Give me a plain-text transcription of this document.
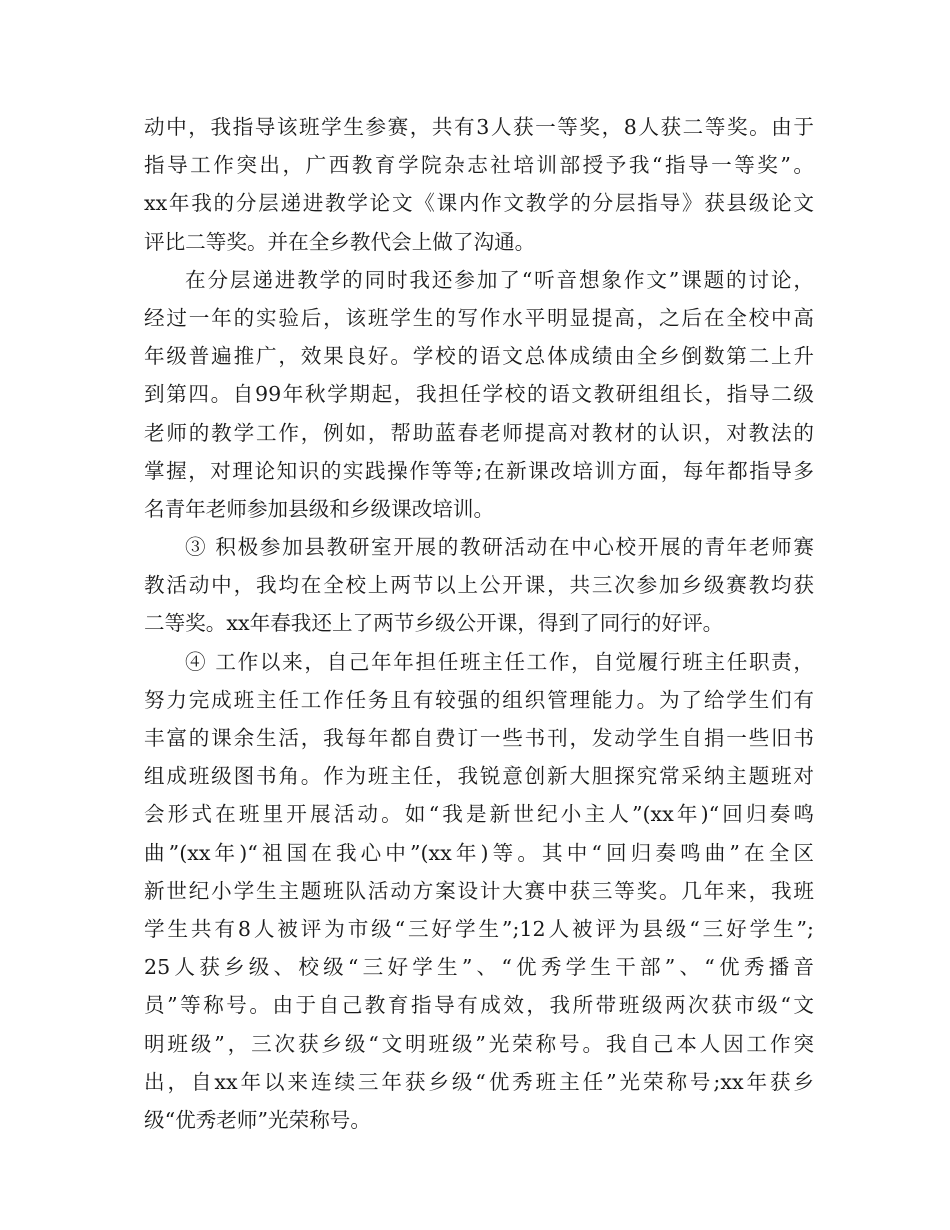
动中，我指导该班学生参赛，共有3人获一等奖，8人获二等奖。由于
指导工作突出，广西教育学院杂志社培训部授予我“指导一等奖”。
xx年我的分层递进教学论文《课内作文教学的分层指导》获县级论文
评比二等奖。并在全乡教代会上做了沟通。
在分层递进教学的同时我还参加了“听音想象作文”课题的讨论，
经过一年的实验后，该班学生的写作水平明显提高，之后在全校中高
年级普遍推广，效果良好。学校的语文总体成绩由全乡倒数第二上升
到第四。自99年秋学期起，我担任学校的语文教研组组长，指导二级
老师的教学工作，例如，帮助蓝春老师提高对教材的认识，对教法的
掌握，对理论知识的实践操作等等;在新课改培训方面，每年都指导多
名青年老师参加县级和乡级课改培训。
③ 积极参加县教研室开展的教研活动在中心校开展的青年老师赛
教活动中，我均在全校上两节以上公开课，共三次参加乡级赛教均获
二等奖。xx年春我还上了两节乡级公开课，得到了同行的好评。
④ 工作以来，自己年年担任班主任工作，自觉履行班主任职责，
努力完成班主任工作任务且有较强的组织管理能力。为了给学生们有
丰富的课余生活，我每年都自费订一些书刊，发动学生自捐一些旧书
组成班级图书角。作为班主任，我锐意创新大胆探究常采纳主题班对
会形式在班里开展活动。如“我是新世纪小主人”(xx年)“回归奏鸣
曲”(xx年)“祖国在我心中”(xx年)等。其中“回归奏鸣曲”在全区
新世纪小学生主题班队活动方案设计大赛中获三等奖。几年来，我班
学生共有8人被评为市级“三好学生”;12人被评为县级“三好学生”;
25人获乡级、校级“三好学生”、“优秀学生干部”、“优秀播音
员”等称号。由于自己教育指导有成效，我所带班级两次获市级“文
明班级”，三次获乡级“文明班级”光荣称号。我自己本人因工作突
出，自xx年以来连续三年获乡级“优秀班主任”光荣称号;xx年获乡
级“优秀老师”光荣称号。
